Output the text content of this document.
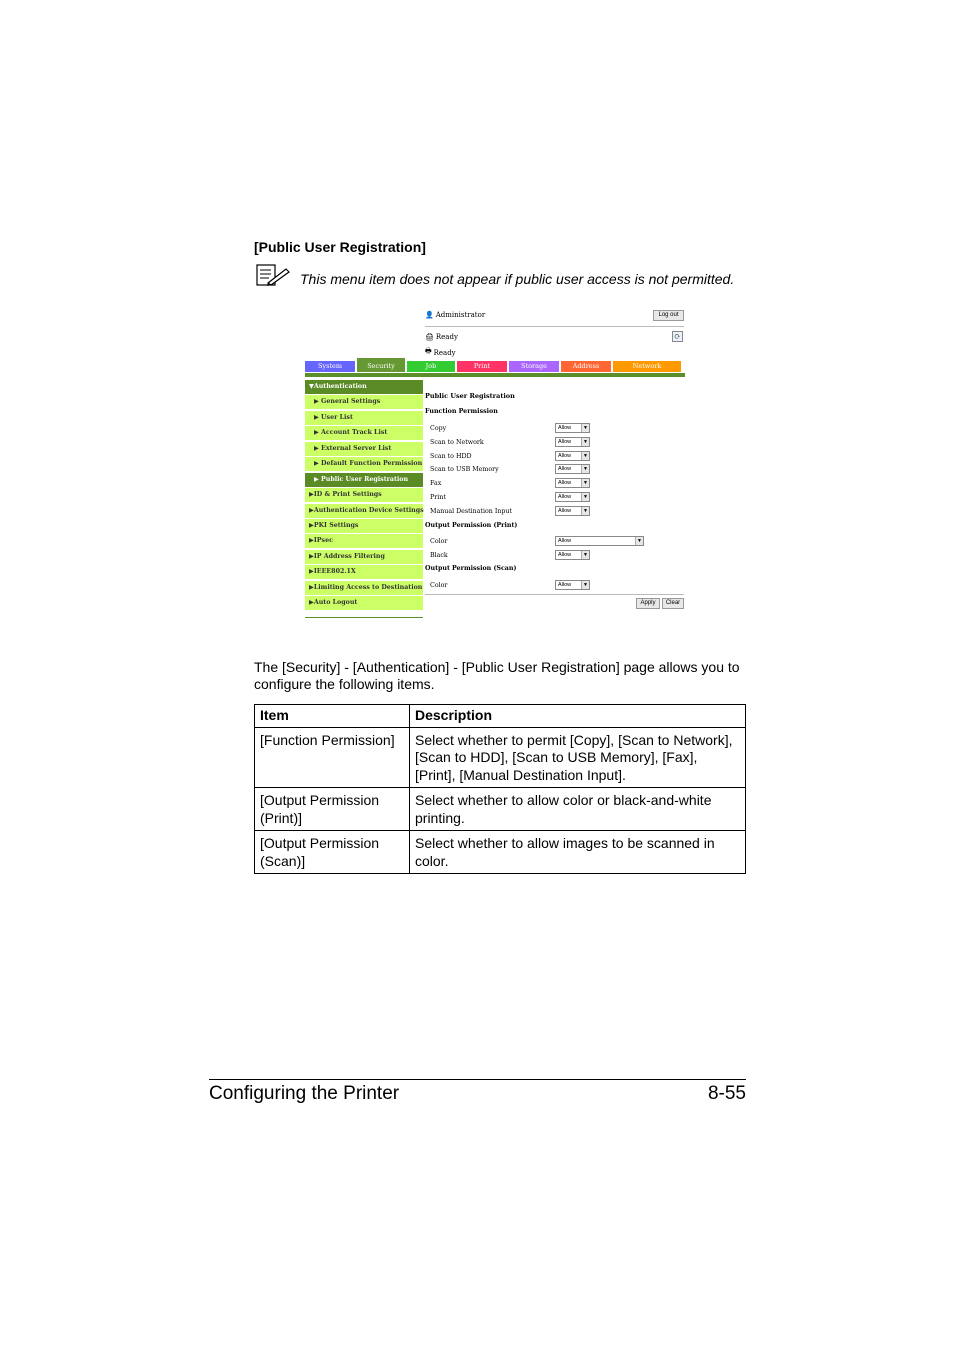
[Public User Registration]
This menu item does not appear if public user access is not permitted.
👤 Administrator	Log out
🖨 Ready
🖶 Ready
⟳
System	Security	Job	Print	Storage	Address	Network
▼Authentication
▶ General Settings
▶ User List
▶ Account Track List
▶ External Server List
▶ Default Function Permission
▶ Public User Registration
▶ID & Print Settings
▶Authentication Device Settings
▶PKI Settings
▶IPsec
▶IP Address Filtering
▶IEEE802.1X
▶Limiting Access to Destination
▶Auto Logout
Public User Registration
Function Permission
Copy	Allow	▼
Scan to Network	Allow	▼
Scan to HDD	Allow	▼
Scan to USB Memory	Allow	▼
Fax	Allow	▼
Print	Allow	▼
Manual Destination Input	Allow	▼
Output Permission (Print)
Color	Allow	▼
Black	Allow	▼
Output Permission (Scan)
Color	Allow	▼
Apply	Clear
The [Security] - [Authentication] - [Public User Registration] page allows you to configure the following items.
Item	Description
[Function Permission]	Select whether to permit [Copy], [Scan to Network], [Scan to HDD], [Scan to USB Memory], [Fax], [Print], [Manual Destination Input].
[Output Permission (Print)]	Select whether to allow color or black-and-white printing.
[Output Permission (Scan)]	Select whether to allow images to be scanned in color.
Configuring the Printer	8-55
